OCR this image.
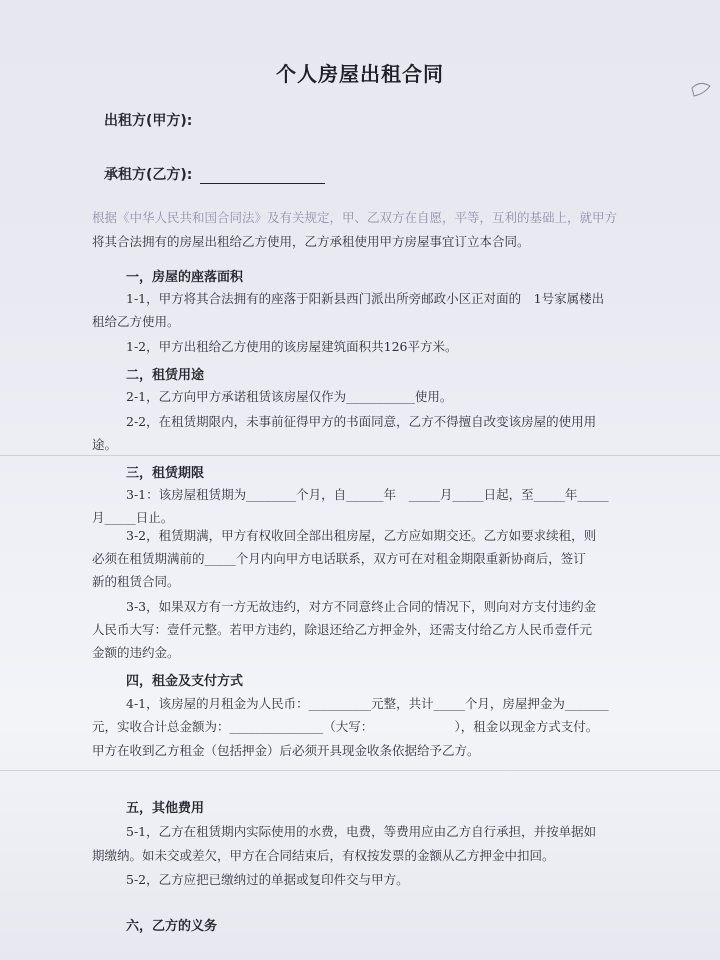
个人房屋出租合同
出租方(甲方):
承租方(乙方):
根据《中华人民共和国合同法》及有关规定，甲、乙双方在自愿，平等，互利的基础上，就甲方
将其合法拥有的房屋出租给乙方使用，乙方承租使用甲方房屋事宜订立本合同。
一，房屋的座落面积
1-1，甲方将其合法拥有的座落于阳新县西门派出所旁邮政小区正对面的　1号家属楼出
租给乙方使用。
1-2，甲方出租给乙方使用的该房屋建筑面积共126平方米。
二，租赁用途
2-1，乙方向甲方承诺租赁该房屋仅作为___________使用。
2-2，在租赁期限内，未事前征得甲方的书面同意，乙方不得擅自改变该房屋的使用用
途。
三，租赁期限
3-1：该房屋租赁期为________个月，自______年　_____月_____日起，至_____年_____
月_____日止。
3-2，租赁期满，甲方有权收回全部出租房屋，乙方应如期交还。乙方如要求续租，则
必须在租赁期满前的_____个月内向甲方电话联系，双方可在对租金期限重新协商后，签订
新的租赁合同。
3-3，如果双方有一方无故违约，对方不同意终止合同的情况下，则向对方支付违约金
人民币大写：壹仟元整。若甲方违约，除退还给乙方押金外，还需支付给乙方人民币壹仟元
金额的违约金。
四，租金及支付方式
4-1，该房屋的月租金为人民币：__________元整，共计_____个月，房屋押金为_______
元，实收合计总金额为：_______________（大写：　　　　　　　），租金以现金方式支付。
甲方在收到乙方租金（包括押金）后必须开具现金收条依据给予乙方。
五，其他费用
5-1，乙方在租赁期内实际使用的水费，电费，等费用应由乙方自行承担，并按单据如
期缴纳。如未交或差欠，甲方在合同结束后，有权按发票的金额从乙方押金中扣回。
5-2，乙方应把已缴纳过的单据或复印件交与甲方。
六，乙方的义务
